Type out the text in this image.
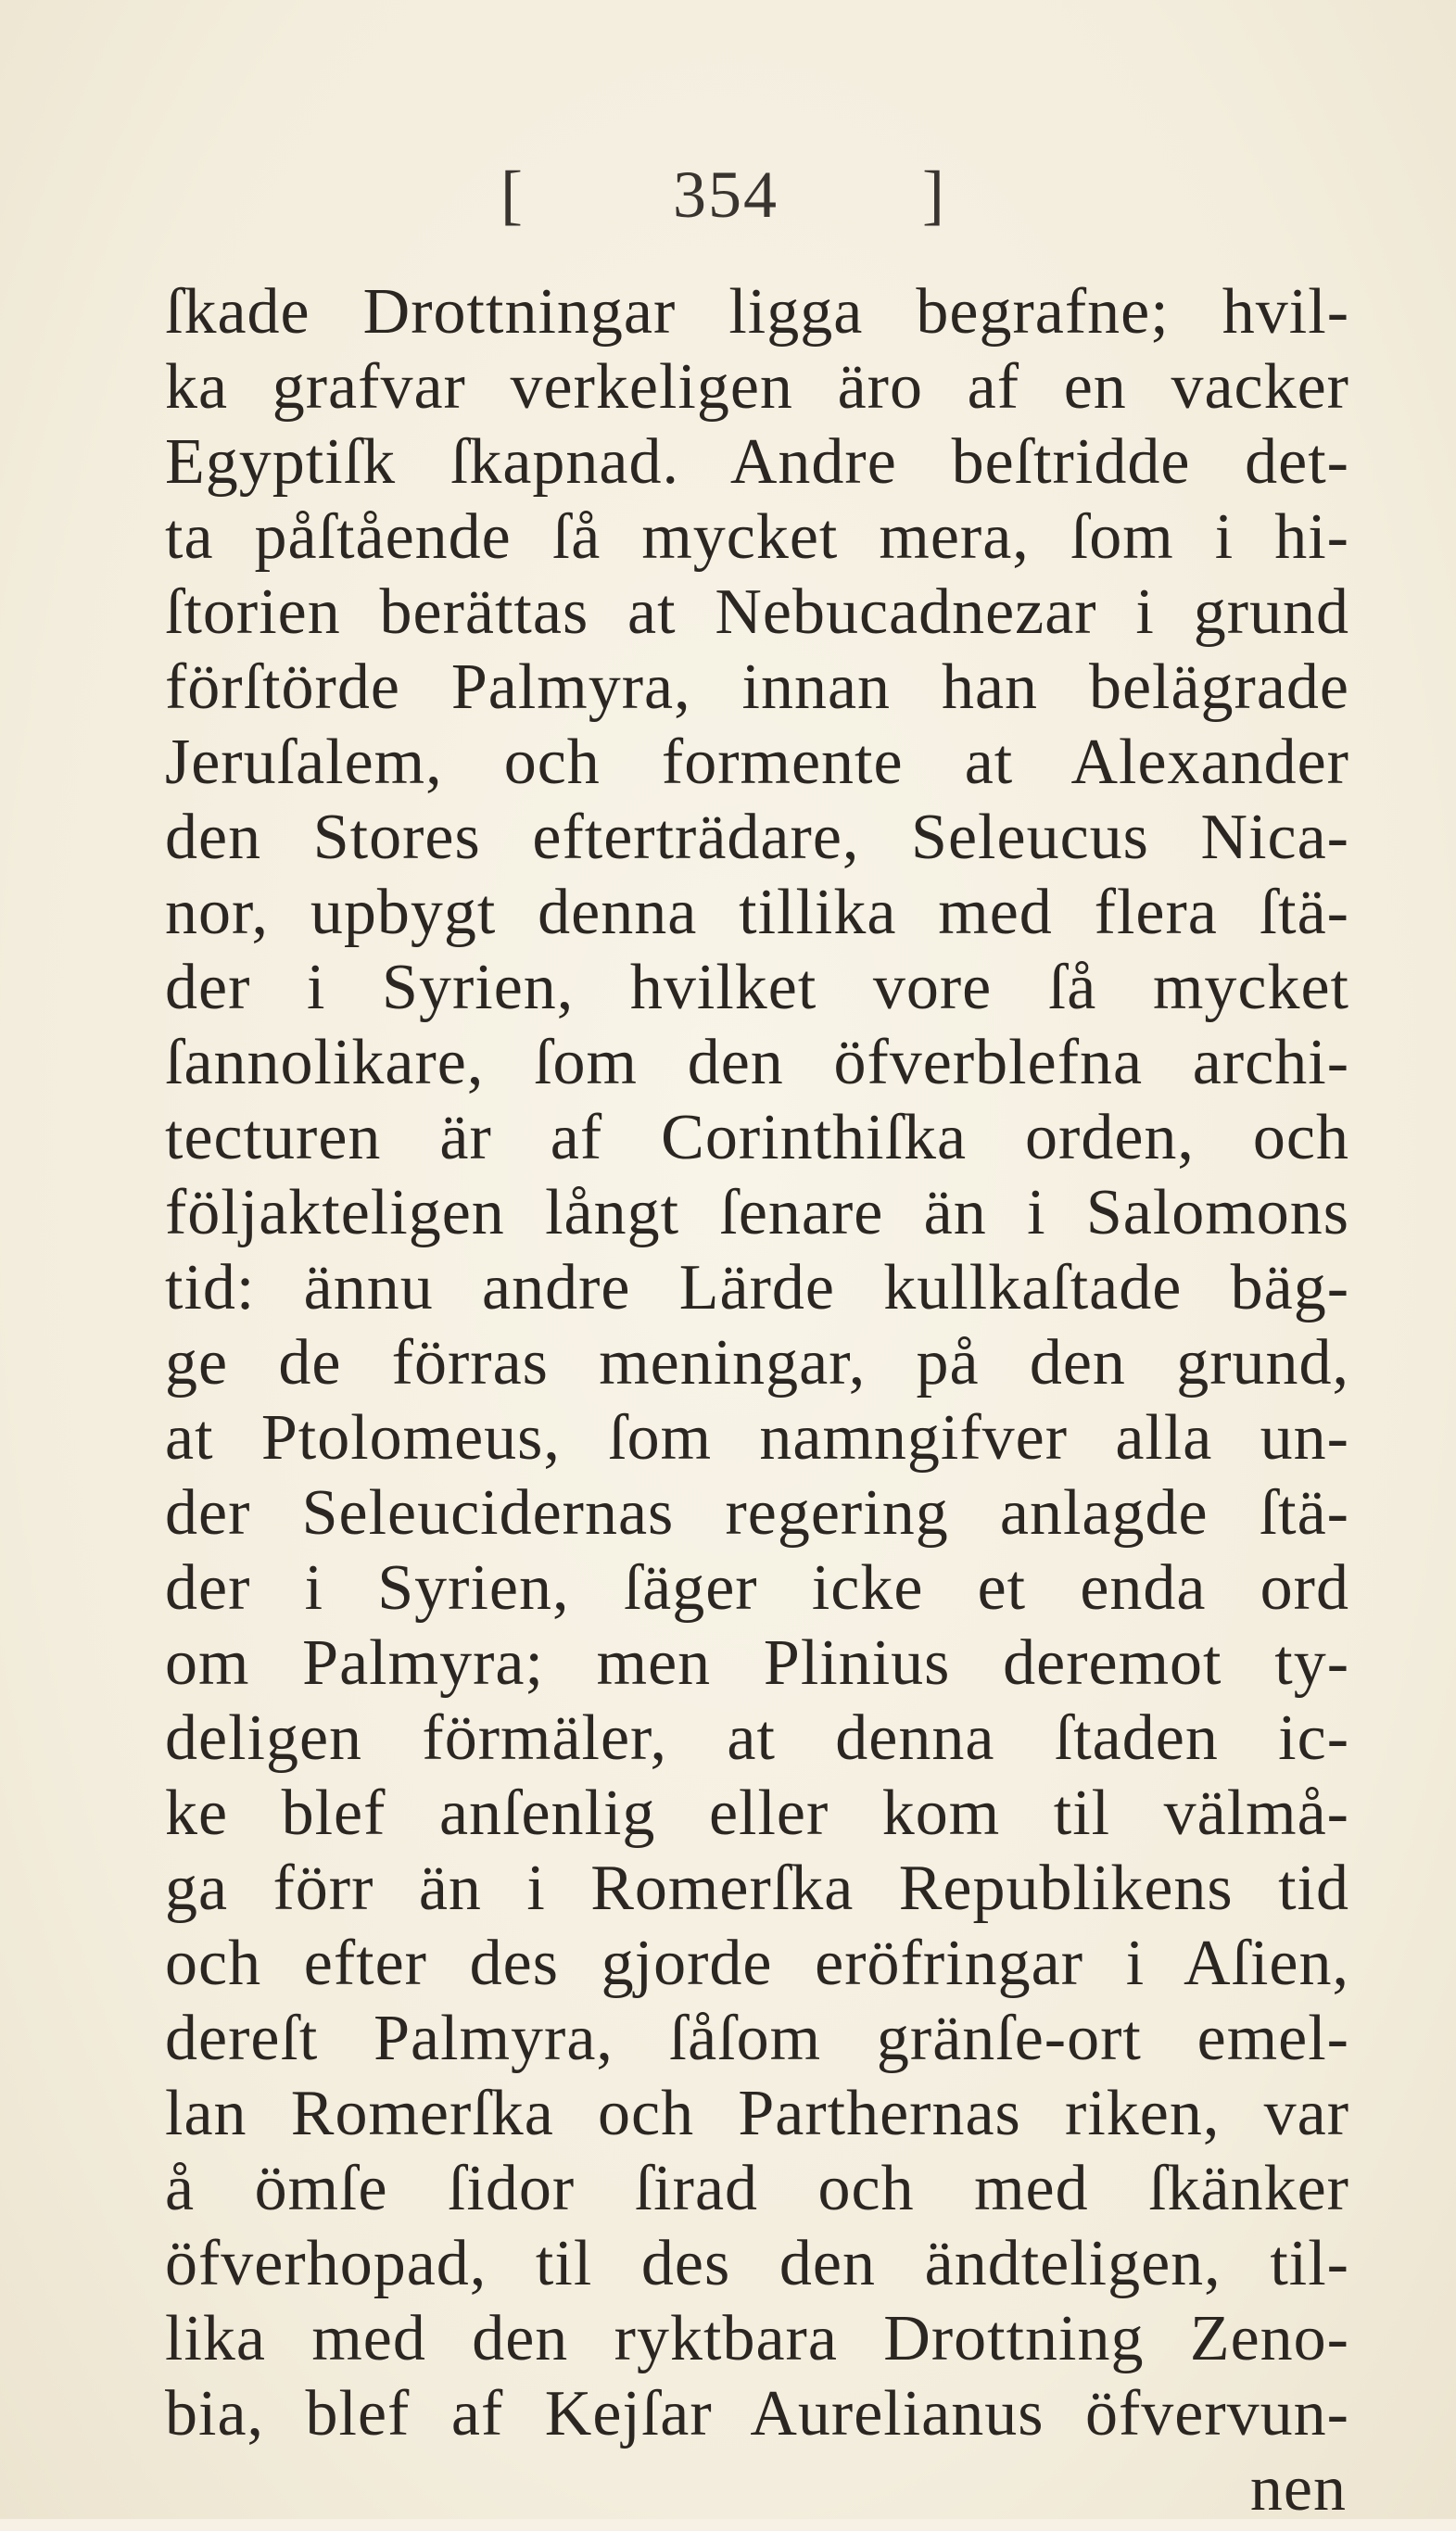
[ 354 ]
ſkade Drottningar ligga begrafne; hvil-
ka grafvar verkeligen äro af en vacker
Egyptiſk ſkapnad. Andre beſtridde det-
ta påſtående ſå mycket mera, ſom i hi-
ſtorien berättas at Nebucadnezar i grund
förſtörde Palmyra, innan han belägrade
Jeruſalem, och formente at Alexander
den Stores efterträdare, Seleucus Nica-
nor, upbygt denna tillika med flera ſtä-
der i Syrien, hvilket vore ſå mycket
ſannolikare, ſom den öfverblefna archi-
tecturen är af Corinthiſka orden, och
följakteligen långt ſenare än i Salomons
tid: ännu andre Lärde kullkaſtade bäg-
ge de förras meningar, på den grund,
at Ptolomeus, ſom namngifver alla un-
der Seleucidernas regering anlagde ſtä-
der i Syrien, ſäger icke et enda ord
om Palmyra; men Plinius deremot ty-
deligen förmäler, at denna ſtaden ic-
ke blef anſenlig eller kom til välmå-
ga förr än i Romerſka Republikens tid
och efter des gjorde eröfringar i Aſien,
dereſt Palmyra, ſåſom gränſe-ort emel-
lan Romerſka och Parthernas riken, var
å ömſe ſidor ſirad och med ſkänker
öfverhopad, til des den ändteligen, til-
lika med den ryktbara Drottning Zeno-
bia, blef af Kejſar Aurelianus öfvervun-
nen
